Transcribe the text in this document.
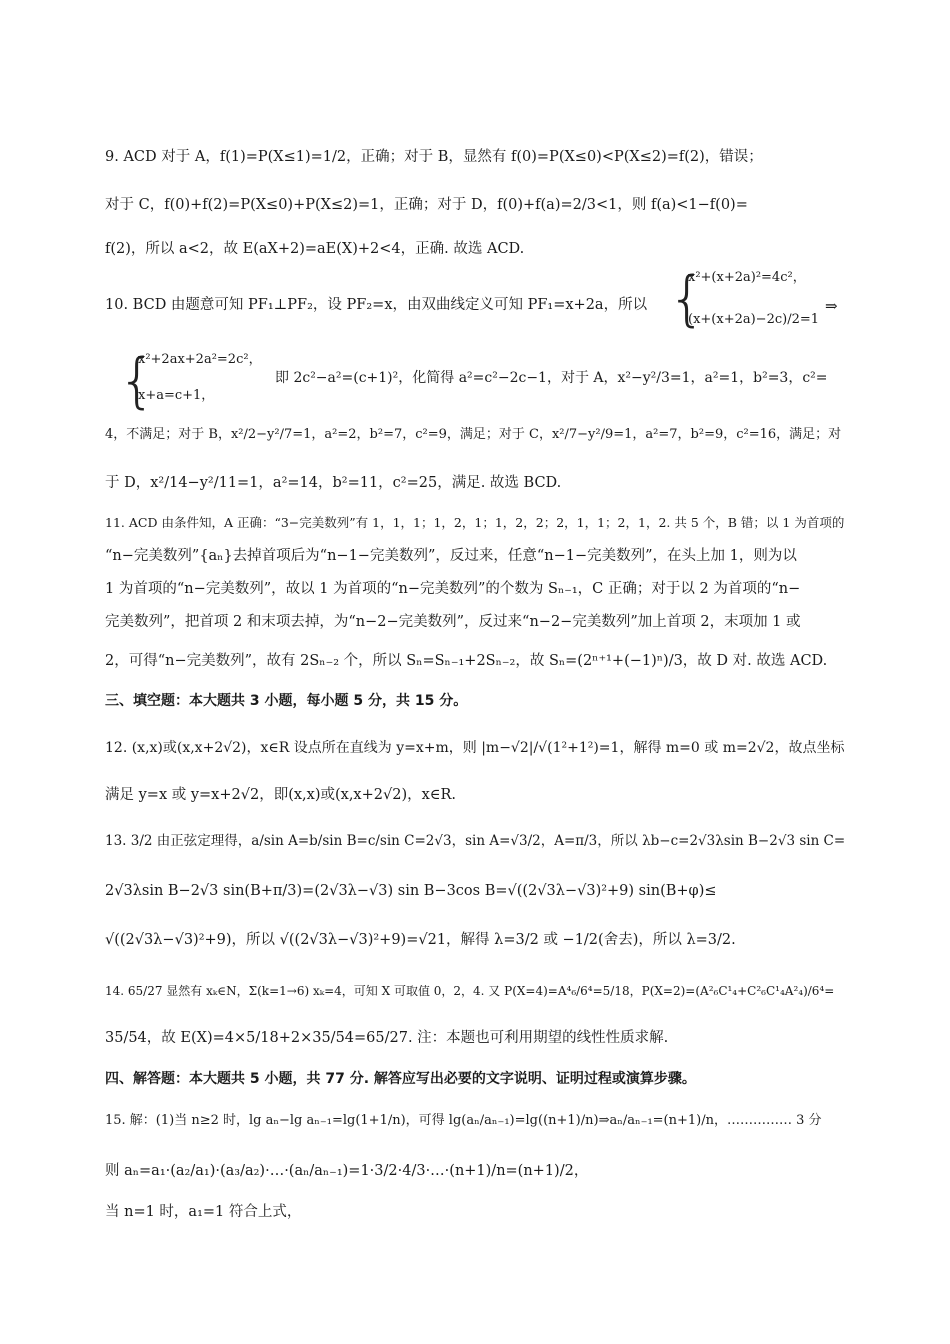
9. ACD 对于 A，f(1)=P(X≤1)=1/2，正确；对于 B，显然有 f(0)=P(X≤0)<P(X≤2)=f(2)，错误；
对于 C，f(0)+f(2)=P(X≤0)+P(X≤2)=1，正确；对于 D，f(0)+f(a)=2/3<1，则 f(a)<1−f(0)=
f(2)，所以 a<2，故 E(aX+2)=aE(X)+2<4，正确. 故选 ACD.
10. BCD 由题意可知 PF₁⊥PF₂，设 PF₂=x，由双曲线定义可知 PF₁=x+2a，所以 {
x²+(x+2a)²=4c²，
(x+(x+2a)−2c)/2=1
⇒
{
x²+2ax+2a²=2c²，
x+a=c+1，
即 2c²−a²=(c+1)²，化简得 a²=c²−2c−1，对于 A，x²−y²/3=1，a²=1，b²=3，c²=
4，不满足；对于 B，x²/2−y²/7=1，a²=2，b²=7，c²=9，满足；对于 C，x²/7−y²/9=1，a²=7，b²=9，c²=16，满足；对
于 D，x²/14−y²/11=1，a²=14，b²=11，c²=25，满足. 故选 BCD.
11. ACD 由条件知，A 正确：“3−完美数列”有 1，1，1；1，2，1；1，2，2；2，1，1；2，1，2. 共 5 个，B 错；以 1 为首项的
“n−完美数列”{aₙ}去掉首项后为“n−1−完美数列”，反过来，任意“n−1−完美数列”，在头上加 1，则为以
1 为首项的“n−完美数列”，故以 1 为首项的“n−完美数列”的个数为 Sₙ₋₁，C 正确；对于以 2 为首项的“n−
完美数列”，把首项 2 和末项去掉，为“n−2−完美数列”，反过来“n−2−完美数列”加上首项 2，末项加 1 或
2，可得“n−完美数列”，故有 2Sₙ₋₂ 个，所以 Sₙ=Sₙ₋₁+2Sₙ₋₂，故 Sₙ=(2ⁿ⁺¹+(−1)ⁿ)/3，故 D 对. 故选 ACD.
三、填空题：本大题共 3 小题，每小题 5 分，共 15 分。
12. (x,x)或(x,x+2√2)，x∈R 设点所在直线为 y=x+m，则 |m−√2|/√(1²+1²)=1，解得 m=0 或 m=2√2，故点坐标
满足 y=x 或 y=x+2√2，即(x,x)或(x,x+2√2)，x∈R.
13. 3/2 由正弦定理得，a/sin A=b/sin B=c/sin C=2√3，sin A=√3/2，A=π/3，所以 λb−c=2√3λsin B−2√3 sin C=
2√3λsin B−2√3 sin(B+π/3)=(2√3λ−√3) sin B−3cos B=√((2√3λ−√3)²+9) sin(B+φ)≤
√((2√3λ−√3)²+9)，所以 √((2√3λ−√3)²+9)=√21，解得 λ=3/2 或 −1/2(舍去)，所以 λ=3/2.
14. 65/27 显然有 xₖ∈N，Σ(k=1→6) xₖ=4，可知 X 可取值 0，2，4. 又 P(X=4)=A⁴₆/6⁴=5/18，P(X=2)=(A²₆C¹₄+C²₆C¹₄A²₄)/6⁴=
35/54，故 E(X)=4×5/18+2×35/54=65/27. 注：本题也可利用期望的线性性质求解.
四、解答题：本大题共 5 小题，共 77 分. 解答应写出必要的文字说明、证明过程或演算步骤。
15. 解：(1)当 n≥2 时，lg aₙ−lg aₙ₋₁=lg(1+1/n)，可得 lg(aₙ/aₙ₋₁)=lg((n+1)/n)⇒aₙ/aₙ₋₁=(n+1)/n，…………… 3 分
则 aₙ=a₁·(a₂/a₁)·(a₃/a₂)·…·(aₙ/aₙ₋₁)=1·3/2·4/3·…·(n+1)/n=(n+1)/2，
当 n=1 时，a₁=1 符合上式，
